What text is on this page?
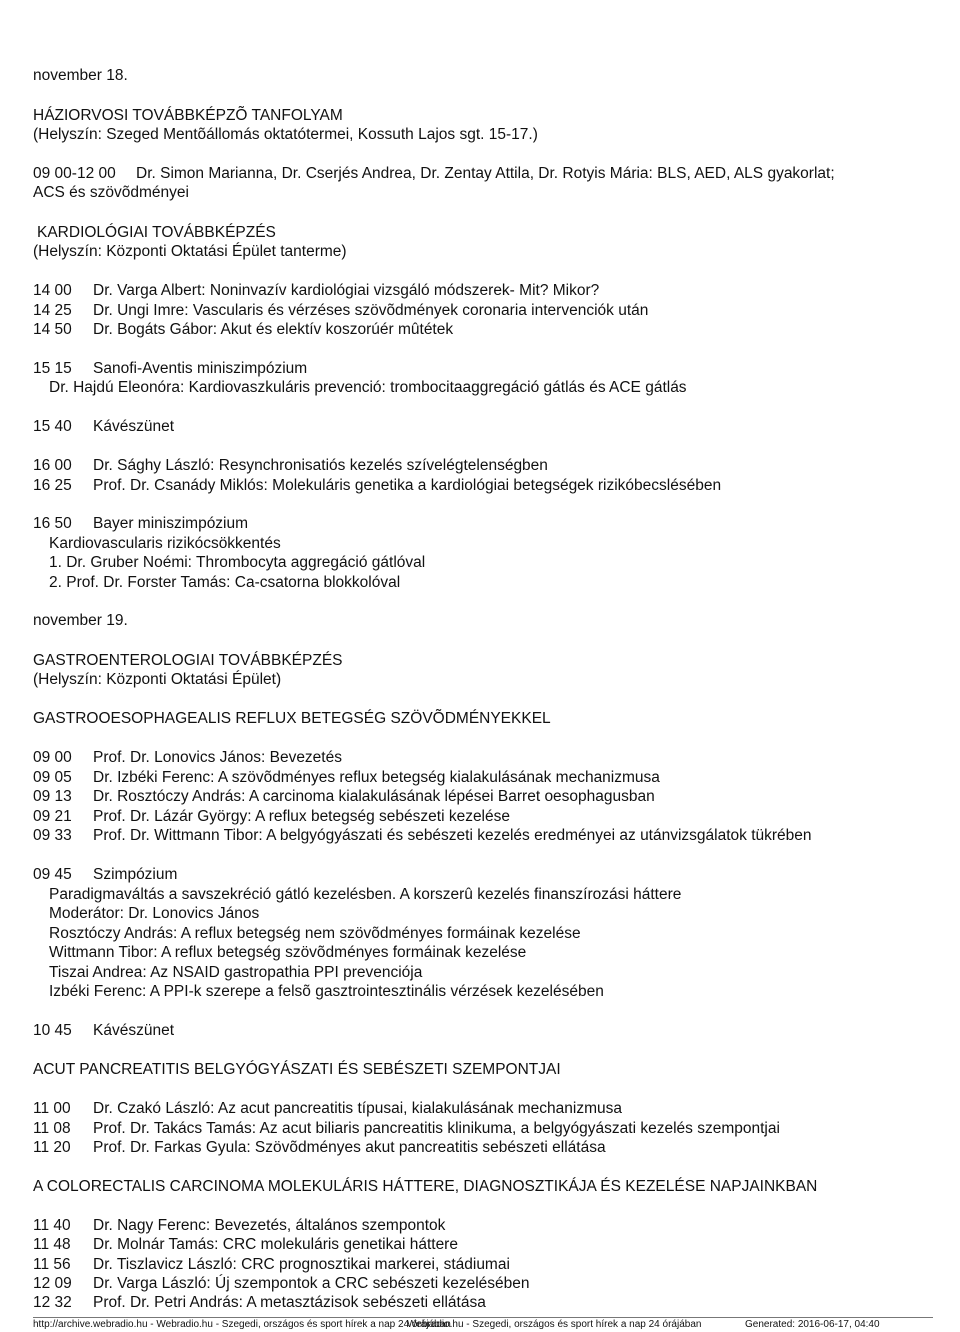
november 18.
HÁZIORVOSI TOVÁBBKÉPZÕ TANFOLYAM
(Helyszín: Szeged Mentõállomás oktatótermei, Kossuth Lajos sgt. 15-17.)
09 00-12 00 Dr. Simon Marianna, Dr. Cserjés Andrea, Dr. Zentay Attila, Dr. Rotyis Mária: BLS, AED, ALS gyakorlat;
ACS és szövõdményei
KARDIOLÓGIAI TOVÁBBKÉPZÉS
(Helyszín: Központi Oktatási Épület tanterme)
14 00 Dr. Varga Albert: Noninvazív kardiológiai vizsgáló módszerek- Mit? Mikor?
14 25 Dr. Ungi Imre: Vascularis és vérzéses szövõdmények coronaria intervenciók után
14 50 Dr. Bogáts Gábor: Akut és elektív koszorúér mûtétek
15 15 Sanofi-Aventis miniszimpózium
Dr. Hajdú Eleonóra: Kardiovaszkuláris prevenció: trombocitaaggregáció gátlás és ACE gátlás
15 40 Kávészünet
16 00 Dr. Sághy László: Resynchronisatiós kezelés szívelégtelenségben
16 25 Prof. Dr. Csanády Miklós: Molekuláris genetika a kardiológiai betegségek rizikóbecslésében
16 50 Bayer miniszimpózium
Kardiovascularis rizikócsökkentés
1. Dr. Gruber Noémi: Thrombocyta aggregáció gátlóval
2. Prof. Dr. Forster Tamás: Ca-csatorna blokkolóval
november 19.
GASTROENTEROLOGIAI TOVÁBBKÉPZÉS
(Helyszín: Központi Oktatási Épület)
GASTROOESOPHAGEALIS REFLUX BETEGSÉG SZÖVÕDMÉNYEKKEL
09 00 Prof. Dr. Lonovics János: Bevezetés
09 05 Dr. Izbéki Ferenc: A szövõdményes reflux betegség kialakulásának mechanizmusa
09 13 Dr. Rosztóczy András: A carcinoma kialakulásának lépései Barret oesophagusban
09 21 Prof. Dr. Lázár György: A reflux betegség sebészeti kezelése
09 33 Prof. Dr. Wittmann Tibor: A belgyógyászati és sebészeti kezelés eredményei az utánvizsgálatok tükrében
09 45 Szimpózium
Paradigmaváltás a savszekréció gátló kezelésben. A korszerû kezelés finanszírozási háttere
Moderátor: Dr. Lonovics János
Rosztóczy András: A reflux betegség nem szövõdményes formáinak kezelése
Wittmann Tibor: A reflux betegség szövõdményes formáinak kezelése
Tiszai Andrea: Az NSAID gastropathia PPI prevenciója
Izbéki Ferenc: A PPI-k szerepe a felsõ gasztrointesztinális vérzések kezelésében
10 45 Kávészünet
ACUT PANCREATITIS BELGYÓGYÁSZATI ÉS SEBÉSZETI SZEMPONTJAI
11 00 Dr. Czakó László: Az acut pancreatitis típusai, kialakulásának mechanizmusa
11 08 Prof. Dr. Takács Tamás: Az acut biliaris pancreatitis klinikuma, a belgyógyászati kezelés szempontjai
11 20 Prof. Dr. Farkas Gyula: Szövõdményes akut pancreatitis sebészeti ellátása
A COLORECTALIS CARCINOMA MOLEKULÁRIS HÁTTERE, DIAGNOSZTIKÁJA ÉS KEZELÉSE NAPJAINKBAN
11 40 Dr. Nagy Ferenc: Bevezetés, általános szempontok
11 48 Dr. Molnár Tamás: CRC molekuláris genetikai háttere
11 56 Dr. Tiszlavicz László: CRC prognosztikai markerei, stádiumai
12 09 Dr. Varga László: Új szempontok a CRC sebészeti kezelésében
12 32 Prof. Dr. Petri András: A metasztázisok sebészeti ellátása
http://archive.webradio.hu - Webradio.hu - Szegedi, országos és sport hírek a nap 24 órájában
Webradio.hu - Szegedi, országos és sport hírek a nap 24 órájában	Generated: 2016-06-17, 04:40
